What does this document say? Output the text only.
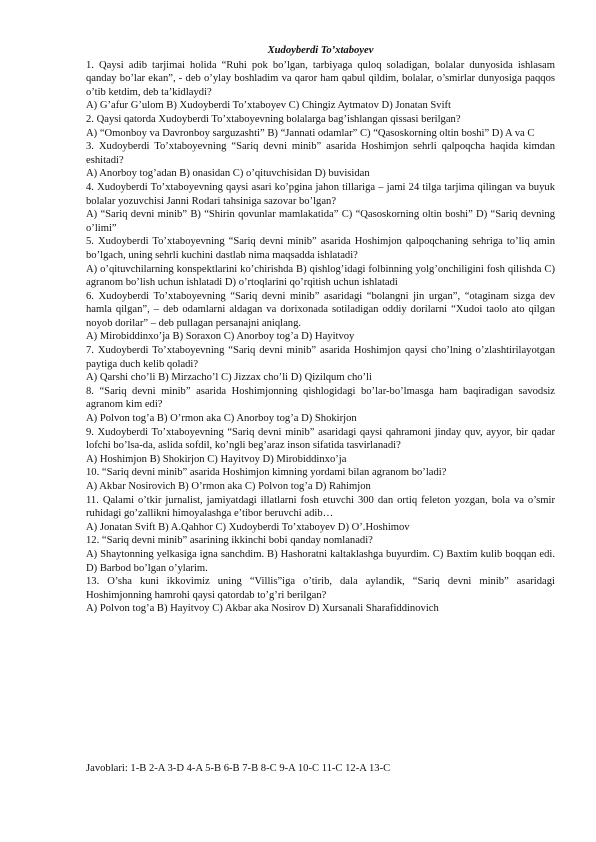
Xudoyberdi To’xtaboyev
1. Qaysi adib tarjimai holida “Ruhi pok bo’lgan, tarbiyaga quloq soladigan, bolalar dunyosida ishlasam qanday bo’lar ekan”, - deb o’ylay boshladim va qaror ham qabul qildim, bolalar, o’smirlar dunyosiga paqqos o’tib ketdim, deb ta’kidlaydi?
A) G’afur G’ulom B) Xudoyberdi To’xtaboyev C) Chingiz Aytmatov D) Jonatan Svift
2. Qaysi qatorda Xudoyberdi To’xtaboyevning bolalarga bag’ishlangan qissasi berilgan?
A) “Omonboy va Davronboy sarguzashti” B) “Jannati odamlar” C) “Qasoskorning oltin boshi” D) A va C
3. Xudoyberdi To’xtaboyevning “Sariq devni minib” asarida Hoshimjon sehrli qalpoqcha haqida kimdan eshitadi?
A) Anorboy tog’adan B) onasidan C) o’qituvchisidan D) buvisidan
4. Xudoyberdi To’xtaboyevning qaysi asari ko’pgina jahon tillariga – jami 24 tilga tarjima qilingan va buyuk bolalar yozuvchisi Janni Rodari tahsiniga sazovar bo’lgan?
A) “Sariq devni minib” B) “Shirin qovunlar mamlakatida” C) “Qasoskorning oltin boshi” D) “Sariq devning o’limi”
5. Xudoyberdi To’xtaboyevning “Sariq devni minib” asarida Hoshimjon qalpoqchaning sehriga to’liq amin bo’lgach, uning sehrli kuchini dastlab nima maqsadda ishlatadi?
A) o’qituvchilarning konspektlarini ko’chirishda B) qishlog’idagi folbinning yolg’onchiligini fosh qilishda C) agranom bo’lish uchun ishlatadi D) o’rtoqlarini qo’rqitish uchun ishlatadi
6. Xudoyberdi To’xtaboyevning “Sariq devni minib” asaridagi “bolangni jin urgan”, “otaginam sizga dev hamla qilgan”, – deb odamlarni aldagan va dorixonada sotiladigan oddiy dorilarni “Xudoi taolo ato qilgan noyob dorilar” – deb pullagan persanajni aniqlang.
A) Mirobiddinxo’ja B) Soraxon C) Anorboy tog’a D) Hayitvoy
7. Xudoyberdi To’xtaboyevning “Sariq devni minib” asarida Hoshimjon qaysi cho’lning o’zlashtirilayotgan paytiga duch kelib qoladi?
A) Qarshi cho’li B) Mirzacho’l C) Jizzax cho’li D) Qizilqum cho’li
8. “Sariq devni minib” asarida Hoshimjonning qishlogidagi bo’lar-bo’lmasga ham baqiradigan savodsiz agranom kim edi?
A) Polvon tog’a B) O’rmon aka C) Anorboy tog’a D) Shokirjon
9. Xudoyberdi To’xtaboyevning “Sariq devni minib” asaridagi qaysi qahramoni jinday quv, ayyor, bir qadar lofchi bo’lsa-da, aslida sofdil, ko’ngli beg’araz inson sifatida tasvirlanadi?
A) Hoshimjon B) Shokirjon C) Hayitvoy D) Mirobiddinxo’ja
10. “Sariq devni minib” asarida Hoshimjon kimning yordami bilan agranom bo’ladi?
A) Akbar Nosirovich B) O’rmon aka C) Polvon tog’a D) Rahimjon
11. Qalami o’tkir jurnalist, jamiyatdagi illatlarni fosh etuvchi 300 dan ortiq feleton yozgan, bola va o’smir ruhidagi go’zallikni himoyalashga e’tibor beruvchi adib…
A) Jonatan Svift B) A.Qahhor C) Xudoyberdi To’xtaboyev D) O’.Hoshimov
12. “Sariq devni minib” asarining ikkinchi bobi qanday nomlanadi?
A) Shaytonning yelkasiga igna sanchdim. B) Hashoratni kaltaklashga buyurdim. C) Baxtim kulib boqqan edi. D) Barbod bo’lgan o’ylarim.
13. O’sha kuni ikkovimiz uning “Villis”iga o’tirib, dala aylandik, “Sariq devni minib” asaridagi Hoshimjonning hamrohi qaysi qatordab to’g’ri berilgan?
A) Polvon tog’a B) Hayitvoy C) Akbar aka Nosirov D) Xursanali Sharafiddinovich
Javoblari: 1-B 2-A 3-D 4-A 5-B 6-B 7-B 8-C 9-A 10-C 11-C 12-A 13-C
